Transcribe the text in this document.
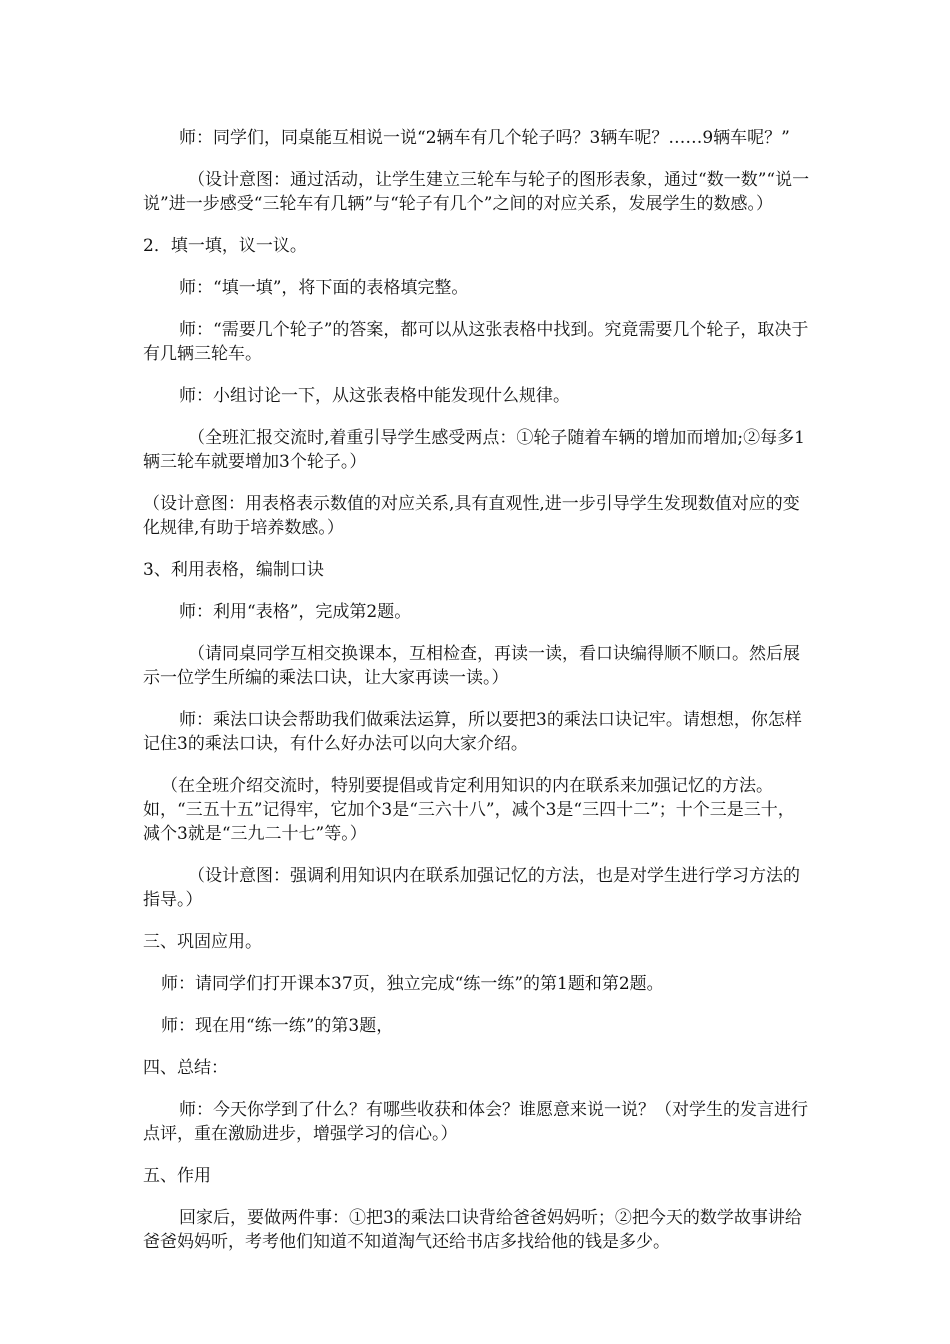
师：同学们，同桌能互相说一说“2辆车有几个轮子吗？3辆车呢？……9辆车呢？”

（设计意图：通过活动，让学生建立三轮车与轮子的图形表象，通过“数一数”“说一说”进一步感受“三轮车有几辆”与“轮子有几个”之间的对应关系，发展学生的数感。）

2．填一填，议一议。

师：“填一填”，将下面的表格填完整。

师：“需要几个轮子”的答案，都可以从这张表格中找到。究竟需要几个轮子，取决于有几辆三轮车。

师：小组讨论一下，从这张表格中能发现什么规律。

（全班汇报交流时,着重引导学生感受两点：①轮子随着车辆的增加而增加;②每多1辆三轮车就要增加3个轮子。）

（设计意图：用表格表示数值的对应关系,具有直观性,进一步引导学生发现数值对应的变化规律,有助于培养数感。）

3、利用表格，编制口诀

师：利用“表格”，完成第2题。

（请同桌同学互相交换课本，互相检查，再读一读，看口诀编得顺不顺口。然后展示一位学生所编的乘法口诀，让大家再读一读。）

师：乘法口诀会帮助我们做乘法运算，所以要把3的乘法口诀记牢。请想想，你怎样记住3的乘法口诀，有什么好办法可以向大家介绍。

（在全班介绍交流时，特别要提倡或肯定利用知识的内在联系来加强记忆的方法。如，“三五十五”记得牢，它加个3是“三六十八”，减个3是“三四十二”；十个三是三十，减个3就是“三九二十七”等。）

（设计意图：强调利用知识内在联系加强记忆的方法，也是对学生进行学习方法的指导。）

三、巩固应用。

师：请同学们打开课本37页，独立完成“练一练”的第1题和第2题。

师：现在用“练一练”的第3题，

四、总结：

师：今天你学到了什么？有哪些收获和体会？谁愿意来说一说？（对学生的发言进行点评，重在激励进步，增强学习的信心。）

五、作用

回家后，要做两件事：①把3的乘法口诀背给爸爸妈妈听；②把今天的数学故事讲给爸爸妈妈听，考考他们知道不知道淘气还给书店多找给他的钱是多少。
